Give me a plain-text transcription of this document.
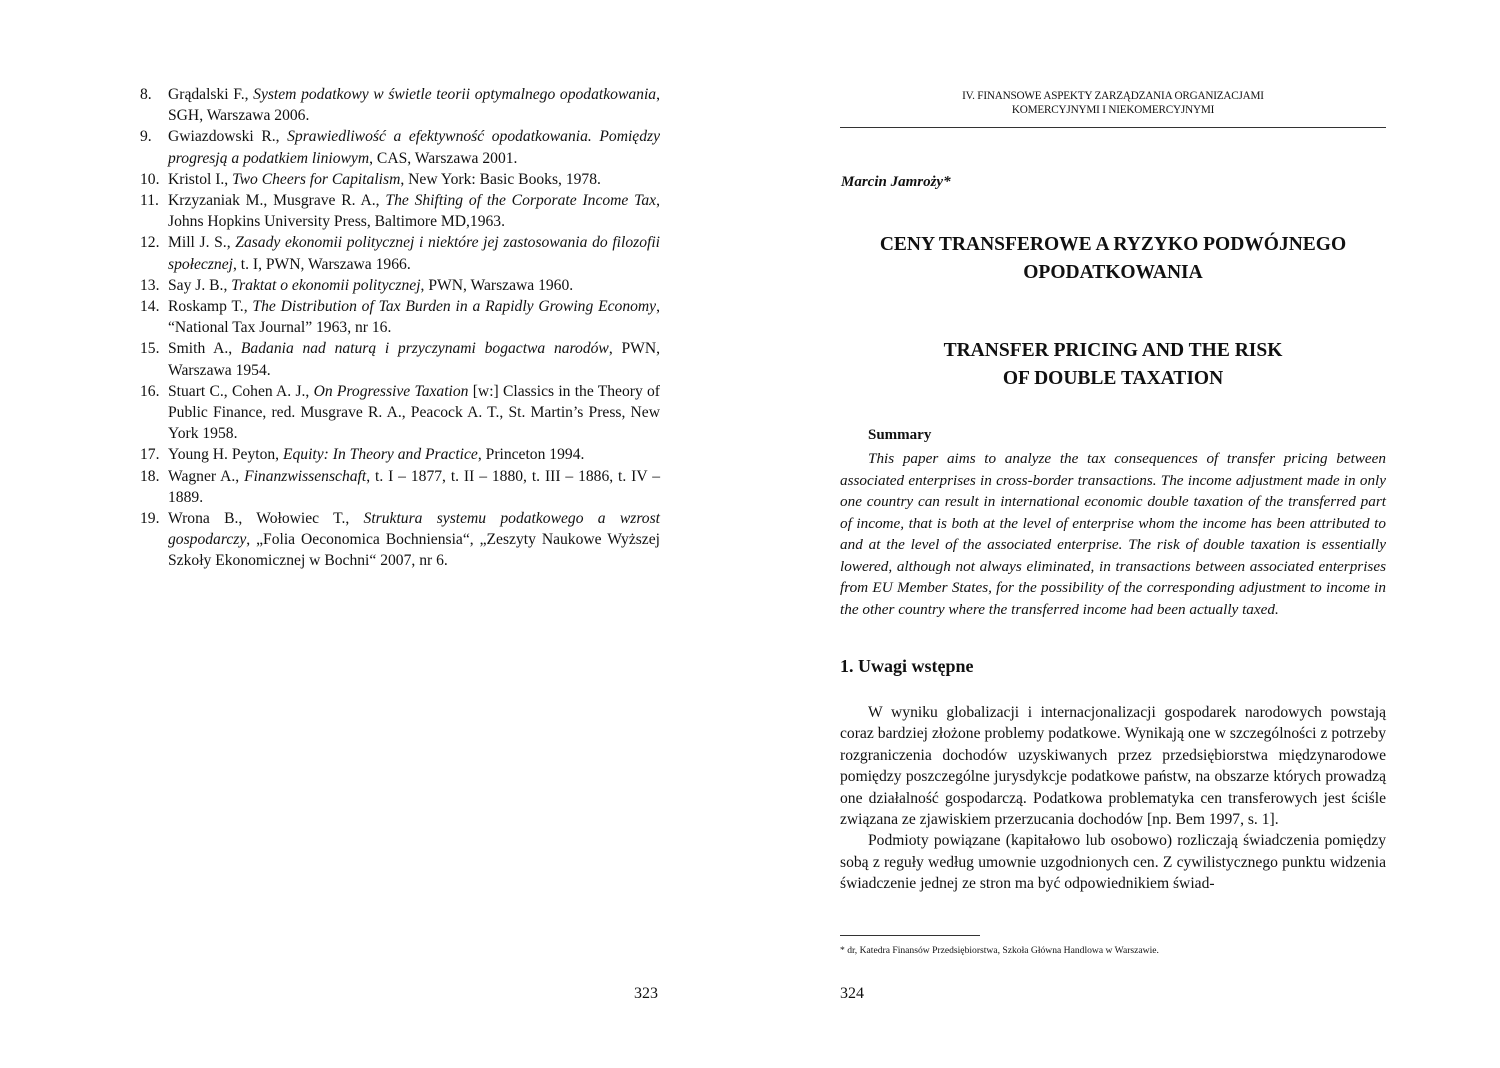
8. Grądalski F., System podatkowy w świetle teorii optymalnego opodatkowania, SGH, Warszawa 2006.
9. Gwiazdowski R., Sprawiedliwość a efektywność opodatkowania. Pomiędzy progresją a podatkiem liniowym, CAS, Warszawa 2001.
10. Kristol I., Two Cheers for Capitalism, New York: Basic Books, 1978.
11. Krzyzaniak M., Musgrave R. A., The Shifting of the Corporate Income Tax, Johns Hopkins University Press, Baltimore MD,1963.
12. Mill J. S., Zasady ekonomii politycznej i niektóre jej zastosowania do filozofii społecznej, t. I, PWN, Warszawa 1966.
13. Say J. B., Traktat o ekonomii politycznej, PWN, Warszawa 1960.
14. Roskamp T., The Distribution of Tax Burden in a Rapidly Growing Economy, “National Tax Journal” 1963, nr 16.
15. Smith A., Badania nad naturą i przyczynami bogactwa narodów, PWN, Warszawa 1954.
16. Stuart C., Cohen A. J., On Progressive Taxation [w:] Classics in the Theory of Public Finance, red. Musgrave R. A., Peacock A. T., St. Martin’s Press, New York 1958.
17. Young H. Peyton, Equity: In Theory and Practice, Princeton 1994.
18. Wagner A., Finanzwissenschaft, t. I – 1877, t. II – 1880, t. III – 1886, t. IV – 1889.
19. Wrona B., Wołowiec T., Struktura systemu podatkowego a wzrost gospodarczy, „Folia Oeconomica Bochniensia“, „Zeszyty Naukowe Wyższej Szkoły Ekonomicznej w Bochni“ 2007, nr 6.
323
IV. FINANSOWE ASPEKTY ZARZĄDZANIA ORGANIZACJAMI
KOMERCYJNYMI I NIEKOMERCYJNYMI
Marcin Jamroży*
CENY TRANSFEROWE A RYZYKO PODWÓJNEGO
OPODATKOWANIA
TRANSFER PRICING AND THE RISK
OF DOUBLE TAXATION
Summary

This paper aims to analyze the tax consequences of transfer pricing between associated enterprises in cross-border transactions. The income adjustment made in only one country can result in international economic double taxation of the transferred part of income, that is both at the level of enterprise whom the income has been attributed to and at the level of the associated enterprise. The risk of double taxation is essentially lowered, although not always eliminated, in transactions between associated enterprises from EU Member States, for the possibility of the corresponding adjustment to income in the other country where the transferred income had been actually taxed.

1. Uwagi wstępne

W wyniku globalizacji i internacjonalizacji gospodarek narodowych powstają coraz bardziej złożone problemy podatkowe. Wynikają one w szczególności z potrzeby rozgraniczenia dochodów uzyskiwanych przez przedsiębiorstwa międzynarodowe pomiędzy poszczególne jurysdykcje podatkowe państw, na obszarze których prowadzą one działalność gospodarczą. Podatkowa problematyka cen transferowych jest ściśle związana ze zjawiskiem przerzucania dochodów [np. Bem 1997, s. 1].

Podmioty powiązane (kapitałowo lub osobowo) rozliczają świadczenia pomiędzy sobą z reguły według umownie uzgodnionych cen. Z cywilistycznego punktu widzenia świadczenie jednej ze stron ma być odpowiednikiem świad-

* dr, Katedra Finansów Przedsiębiorstwa, Szkoła Główna Handlowa w Warszawie.
324
